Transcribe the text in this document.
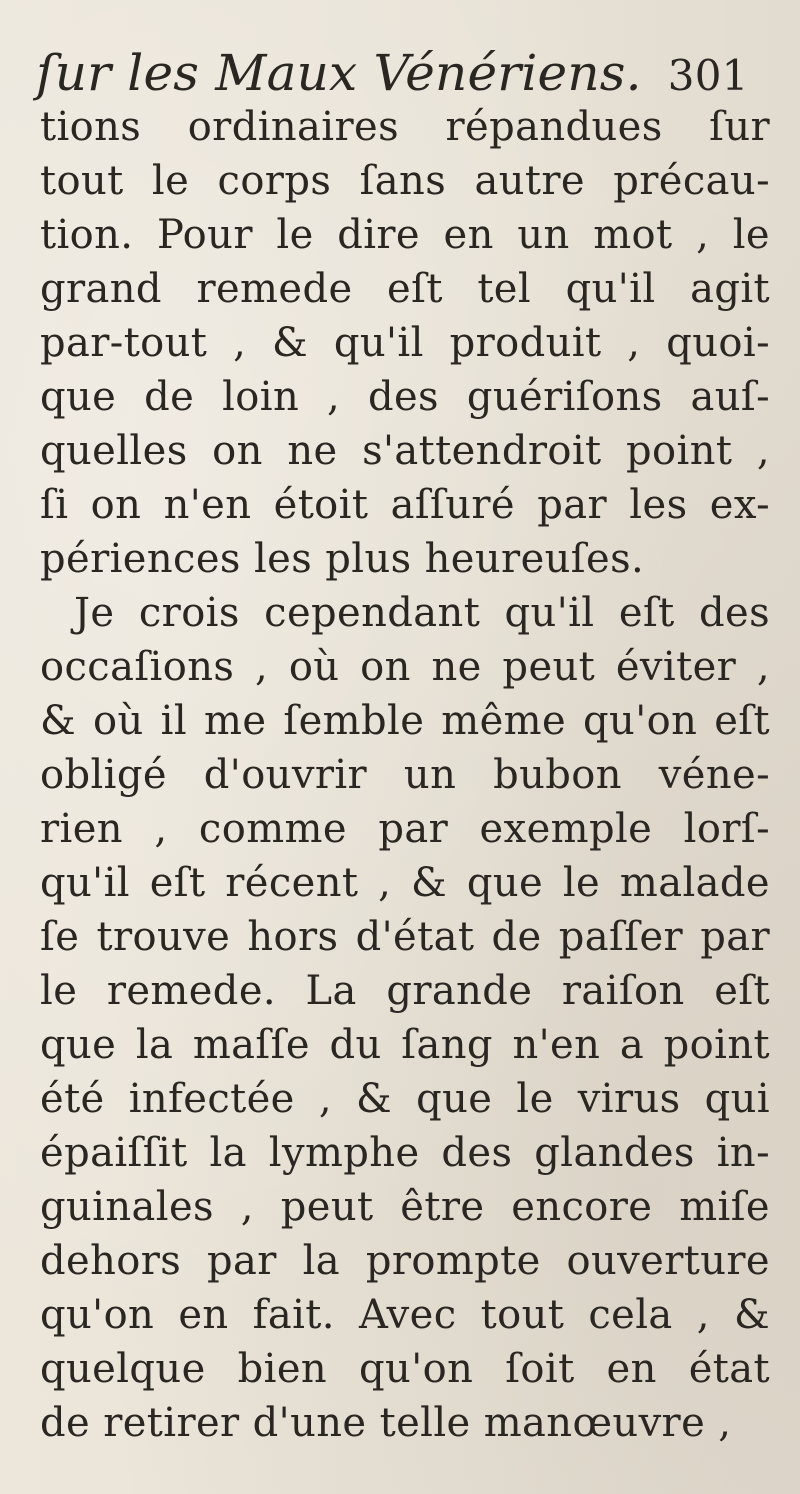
ſur les Maux Vénériens. 301
tions ordinaires répandues ſur
tout le corps ſans autre précau-
tion. Pour le dire en un mot , le
grand remede eſt tel qu'il agit
par-tout , & qu'il produit , quoi-
que de loin , des guériſons auſ-
quelles on ne s'attendroit point ,
ſi on n'en étoit aſſuré par les ex-
périences les plus heureuſes.
Je crois cependant qu'il eſt des
occaſions , où on ne peut éviter ,
& où il me ſemble même qu'on eſt
obligé d'ouvrir un bubon véne-
rien , comme par exemple lorſ-
qu'il eſt récent , & que le malade
ſe trouve hors d'état de paſſer par
le remede. La grande raiſon eſt
que la maſſe du ſang n'en a point
été infectée , & que le virus qui
épaiſſit la lymphe des glandes in-
guinales , peut être encore miſe
dehors par la prompte ouverture
qu'on en fait. Avec tout cela , &
quelque bien qu'on ſoit en état
de retirer d'une telle manœuvre ,
